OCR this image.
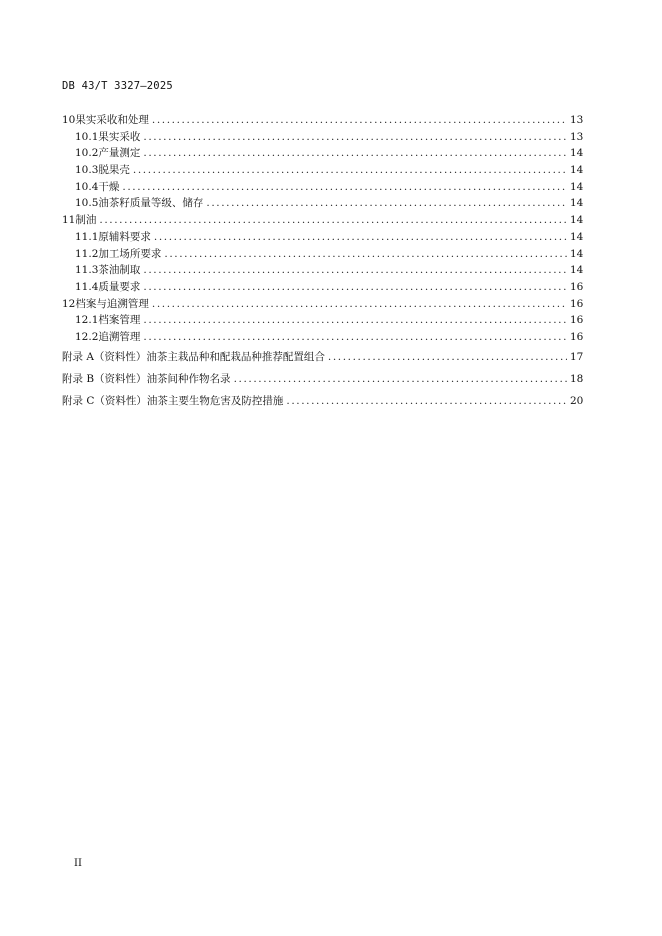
DB 43/T 3327—2025
10 果实采收和处理 .....	13
10.1 果实采收 .....	13
10.2 产量测定 .....	14
10.3 脱果壳 .....	14
10.4 干燥 .....	14
10.5 油茶籽质量等级、储存 .....	14
11 制油 .....	14
11.1 原辅料要求 .....	14
11.2 加工场所要求 .....	14
11.3 茶油制取 .....	14
11.4 质量要求 .....	16
12 档案与追溯管理 .....	16
12.1 档案管理 .....	16
12.2 追溯管理 .....	16
附录 A（资料性） 油茶主栽品种和配栽品种推荐配置组合 .....	17
附录 B（资料性） 油茶间种作物名录 .....	18
附录 C（资料性） 油茶主要生物危害及防控措施 .....	20
II
